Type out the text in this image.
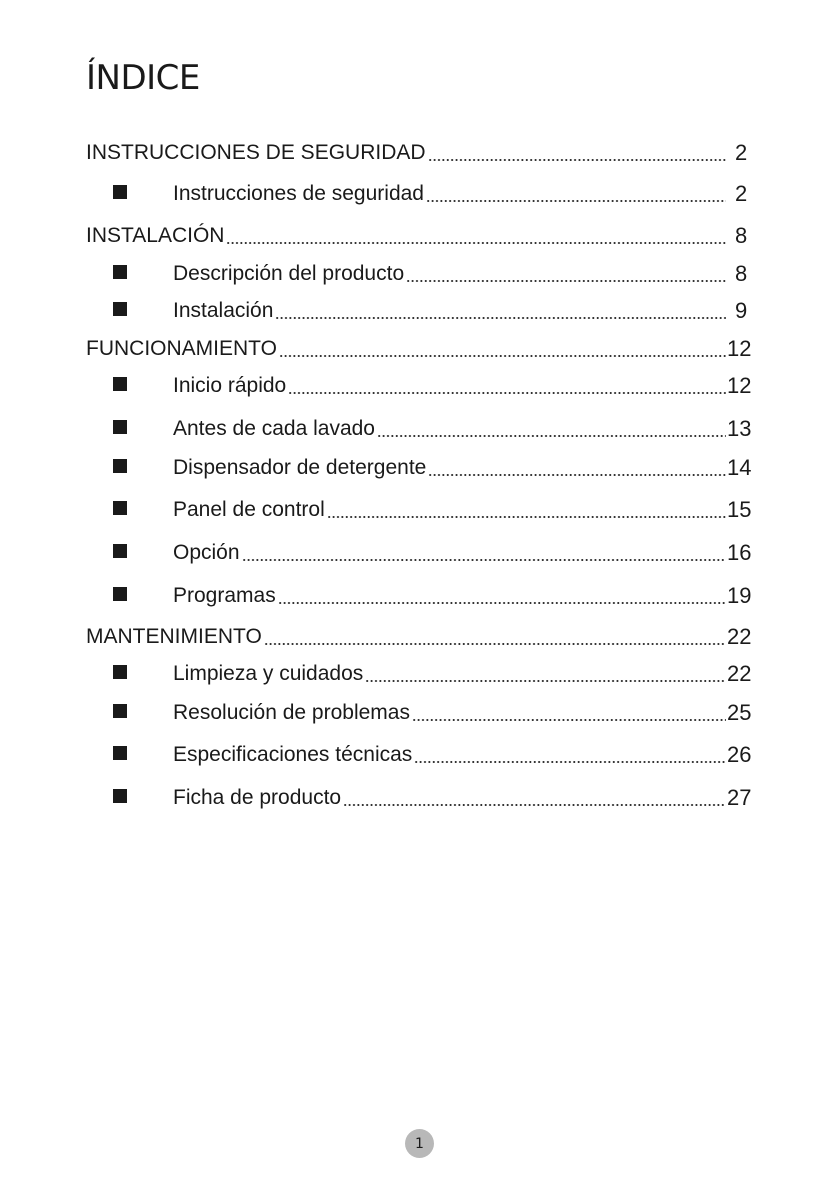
ÍNDICE
INSTRUCCIONES DE SEGURIDAD	2
Instrucciones de seguridad	2
INSTALACIÓN	8
Descripción del producto	8
Instalación	9
FUNCIONAMIENTO	12
Inicio rápido	12
Antes de cada lavado	13
Dispensador de detergente	14
Panel de control	15
Opción	16
Programas	19
MANTENIMIENTO	22
Limpieza y cuidados	22
Resolución de problemas	25
Especificaciones técnicas	26
Ficha de producto	27
1
